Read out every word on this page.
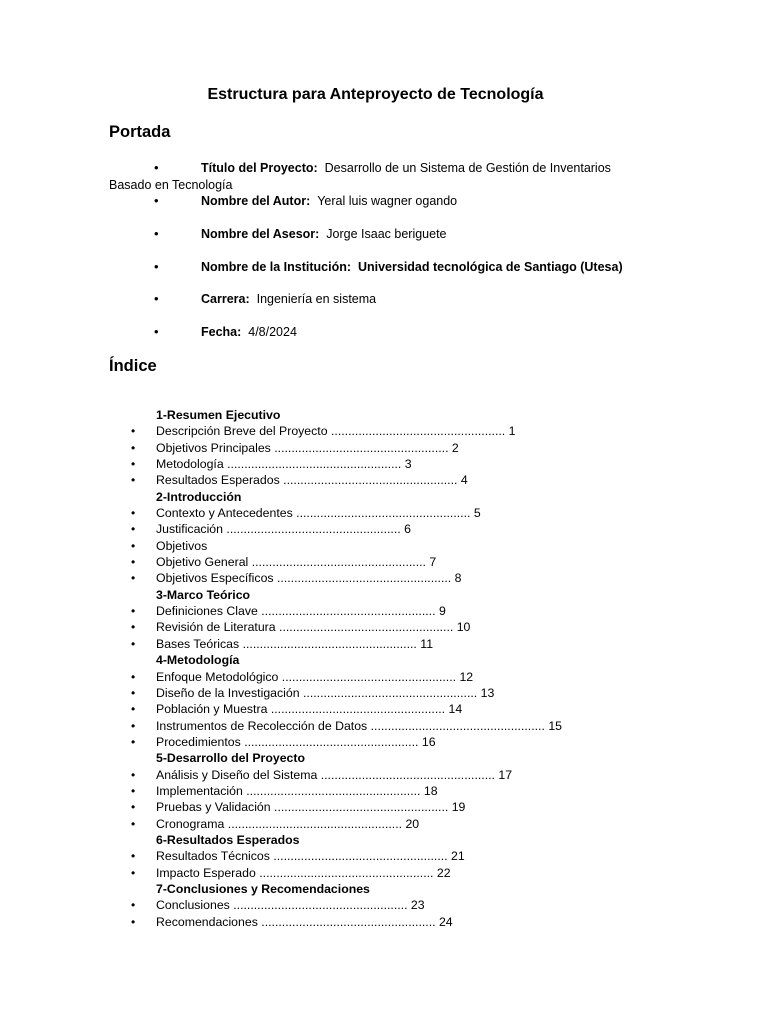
Estructura para Anteproyecto de Tecnología
Portada
•	Título del Proyecto: Desarrollo de un Sistema de Gestión de Inventarios
Basado en Tecnología
•	Nombre del Autor: Yeral luis wagner ogando
•	Nombre del Asesor: Jorge Isaac beriguete
•	Nombre de la Institución: Universidad tecnológica de Santiago (Utesa)
•	Carrera: Ingeniería en sistema
•	Fecha: 4/8/2024
Índice
1-Resumen Ejecutivo
• Descripción Breve del Proyecto ................................................... 1
• Objetivos Principales ................................................... 2
• Metodología ................................................... 3
• Resultados Esperados ................................................... 4
2-Introducción
• Contexto y Antecedentes ................................................... 5
• Justificación ................................................... 6
• Objetivos
• Objetivo General ................................................... 7
• Objetivos Específicos ................................................... 8
3-Marco Teórico
• Definiciones Clave ................................................... 9
• Revisión de Literatura ................................................... 10
• Bases Teóricas ................................................... 11
4-Metodología
• Enfoque Metodológico ................................................... 12
• Diseño de la Investigación ................................................... 13
• Población y Muestra ................................................... 14
• Instrumentos de Recolección de Datos ................................................... 15
• Procedimientos ................................................... 16
5-Desarrollo del Proyecto
• Análisis y Diseño del Sistema ................................................... 17
• Implementación ................................................... 18
• Pruebas y Validación ................................................... 19
• Cronograma ................................................... 20
6-Resultados Esperados
• Resultados Técnicos ................................................... 21
• Impacto Esperado ................................................... 22
7-Conclusiones y Recomendaciones
• Conclusiones ................................................... 23
• Recomendaciones ................................................... 24
